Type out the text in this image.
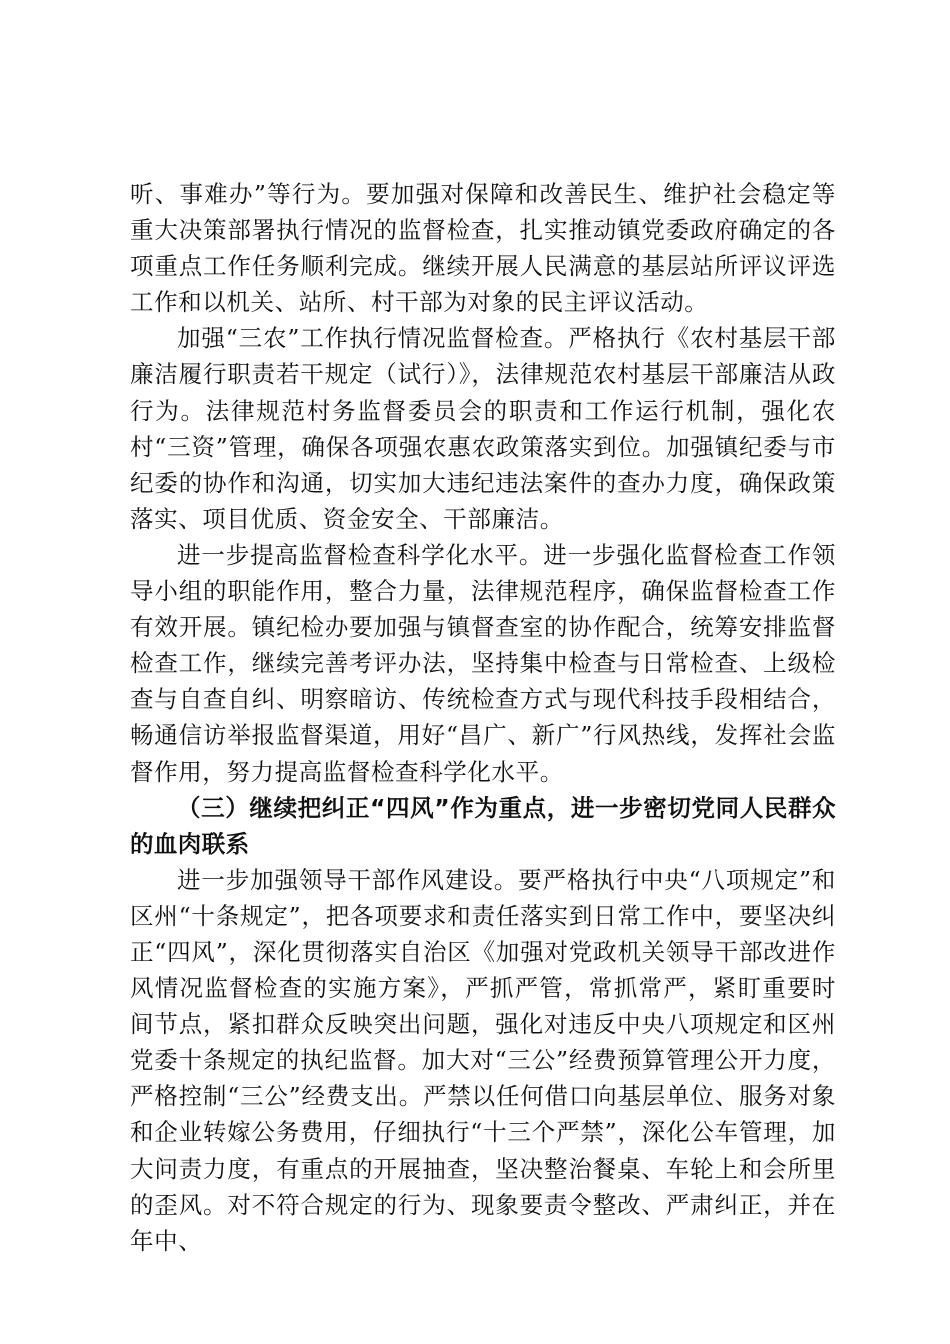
听、事难办”等行为。要加强对保障和改善民生、维护社会稳定等重大决策部署执行情况的监督检查，扎实推动镇党委政府确定的各项重点工作任务顺利完成。继续开展人民满意的基层站所评议评选工作和以机关、站所、村干部为对象的民主评议活动。

加强“三农”工作执行情况监督检查。严格执行《农村基层干部廉洁履行职责若干规定（试行）》，法律规范农村基层干部廉洁从政行为。法律规范村务监督委员会的职责和工作运行机制，强化农村“三资”管理，确保各项强农惠农政策落实到位。加强镇纪委与市纪委的协作和沟通，切实加大违纪违法案件的查办力度，确保政策落实、项目优质、资金安全、干部廉洁。

进一步提高监督检查科学化水平。进一步强化监督检查工作领导小组的职能作用，整合力量，法律规范程序，确保监督检查工作有效开展。镇纪检办要加强与镇督查室的协作配合，统筹安排监督检查工作，继续完善考评办法，坚持集中检查与日常检查、上级检查与自查自纠、明察暗访、传统检查方式与现代科技手段相结合，畅通信访举报监督渠道，用好“昌广、新广”行风热线，发挥社会监督作用，努力提高监督检查科学化水平。

（三）继续把纠正“四风”作为重点，进一步密切党同人民群众的血肉联系

进一步加强领导干部作风建设。要严格执行中央“八项规定”和区州“十条规定”，把各项要求和责任落实到日常工作中，要坚决纠正“四风”，深化贯彻落实自治区《加强对党政机关领导干部改进作风情况监督检查的实施方案》，严抓严管，常抓常严，紧盯重要时间节点，紧扣群众反映突出问题，强化对违反中央八项规定和区州党委十条规定的执纪监督。加大对“三公”经费预算管理公开力度，严格控制“三公”经费支出。严禁以任何借口向基层单位、服务对象和企业转嫁公务费用，仔细执行“十三个严禁”，深化公车管理，加大问责力度，有重点的开展抽查，坚决整治餐桌、车轮上和会所里的歪风。对不符合规定的行为、现象要责令整改、严肃纠正，并在年中、
